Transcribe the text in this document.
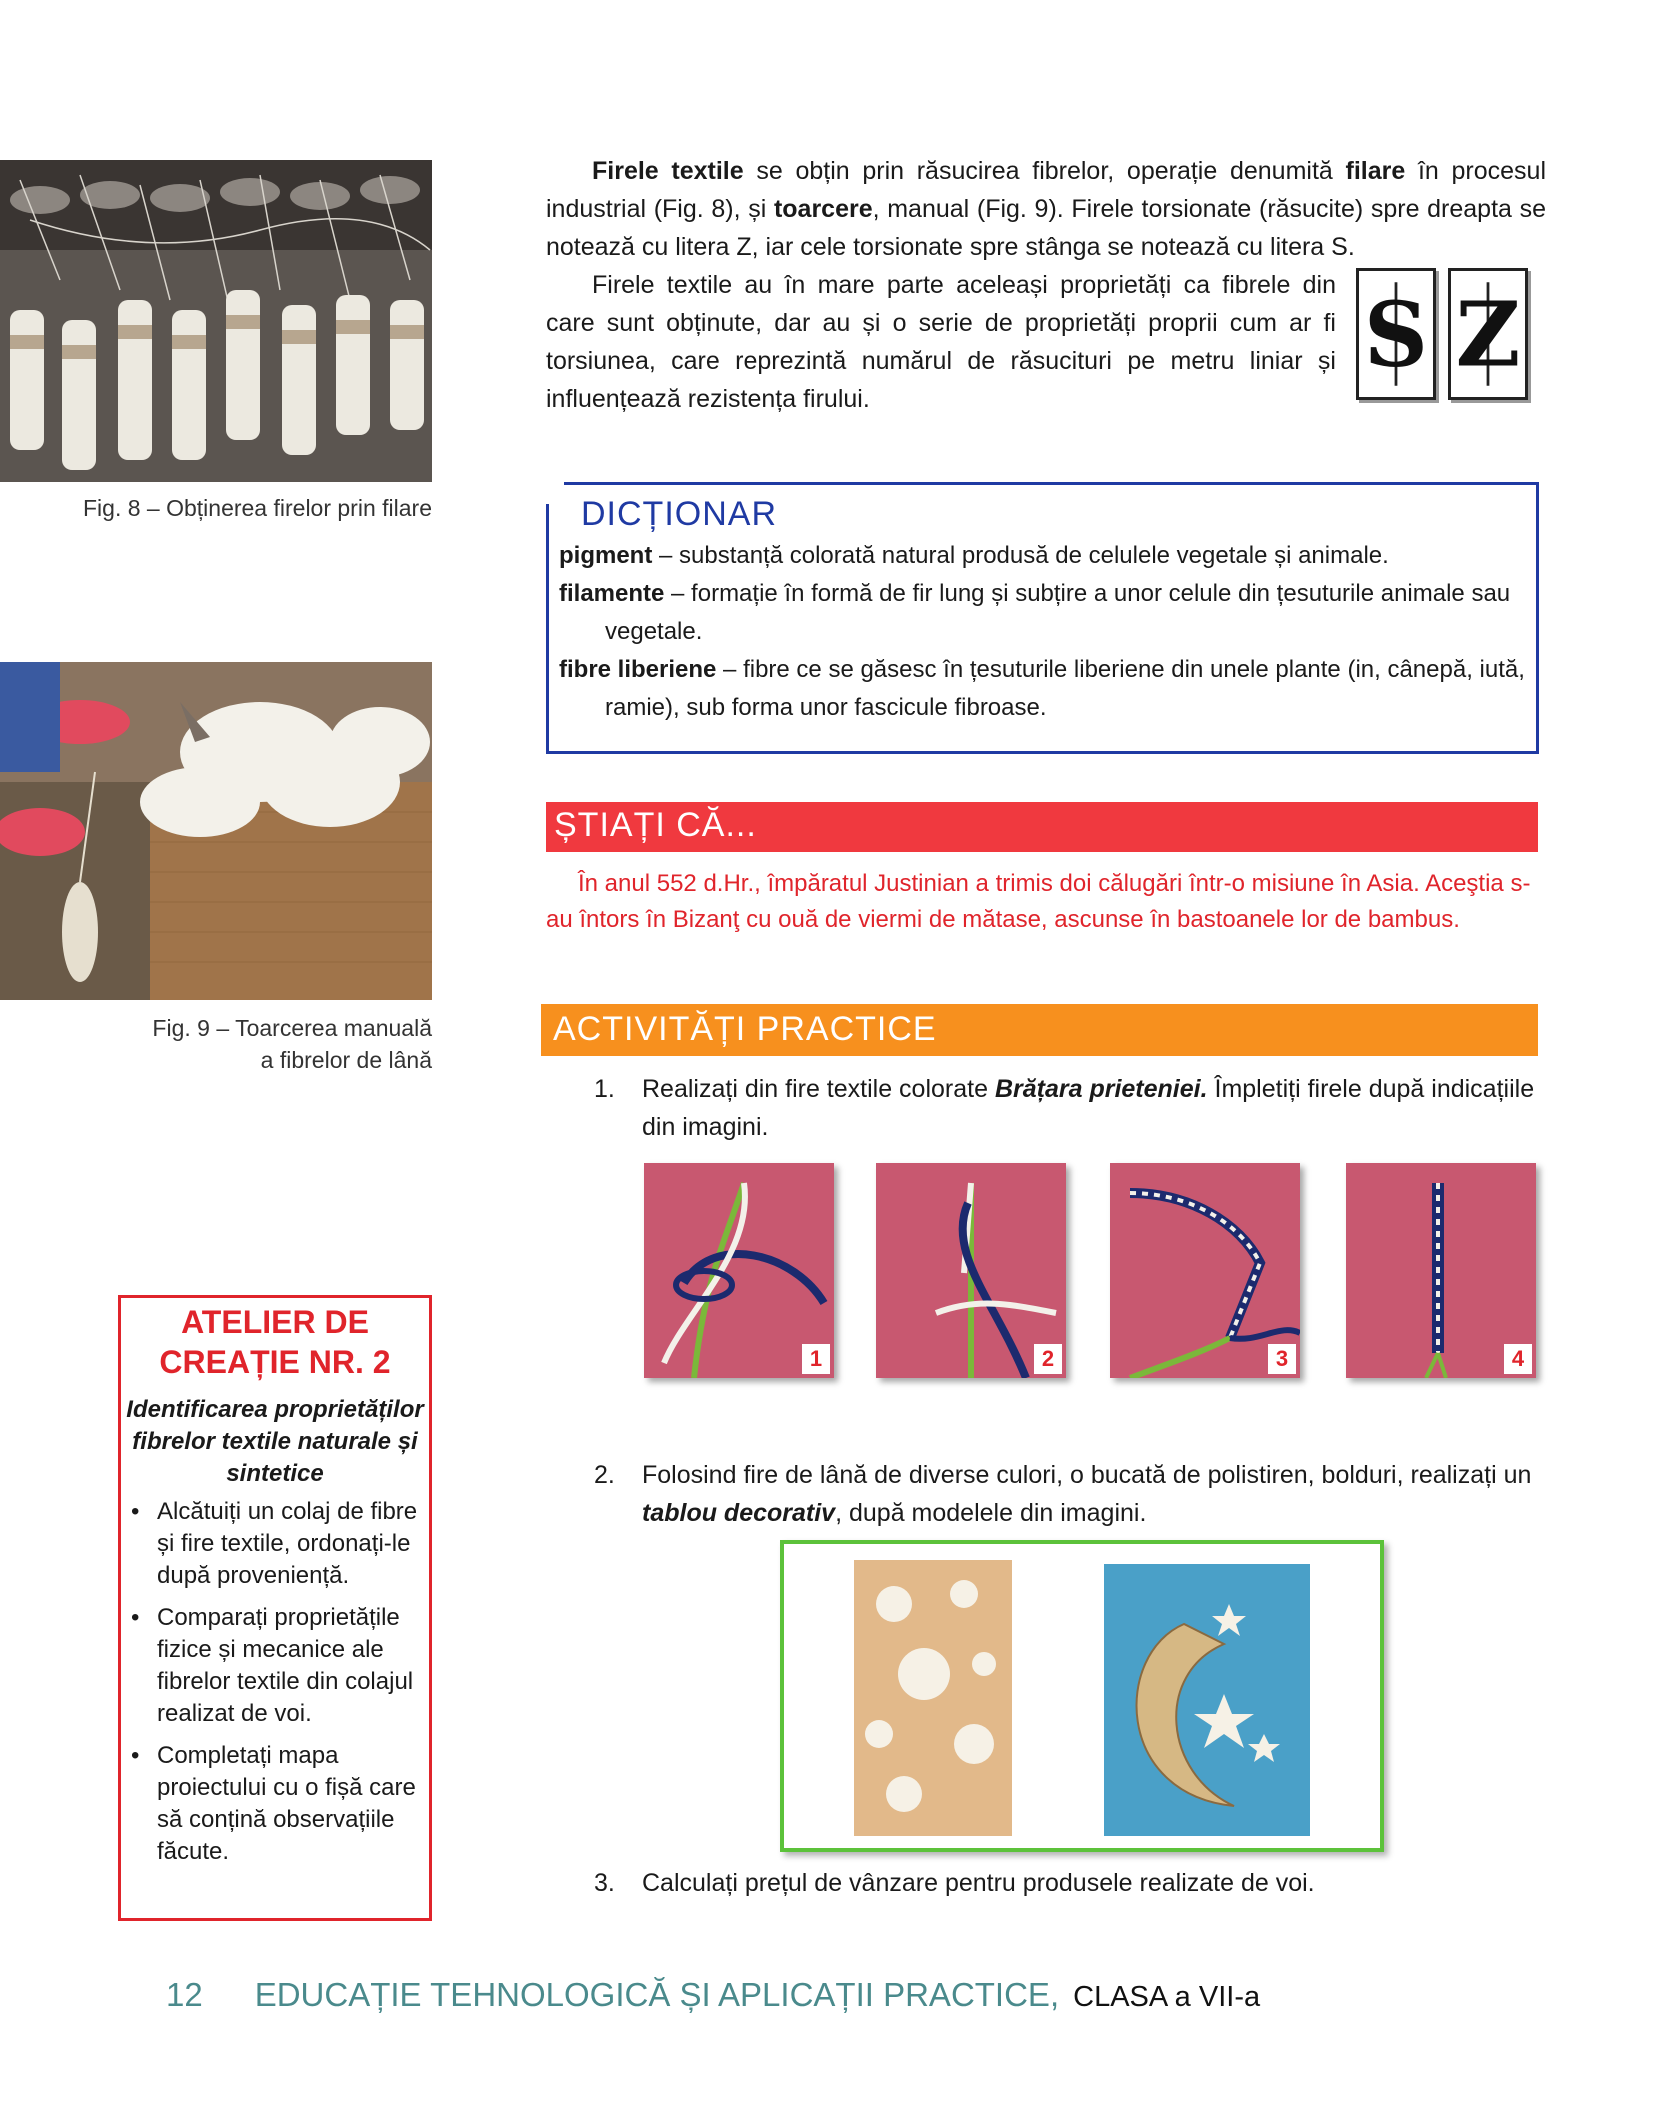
Fig. 8 – Obținerea firelor prin filare

Firele textile se obțin prin răsucirea fibrelor, operație denumită filare în procesul industrial (Fig. 8), și toarcere, manual (Fig. 9). Firele torsionate (răsucite) spre dreapta se notează cu litera Z, iar cele torsionate spre stânga se notează cu litera S.

Firele textile au în mare parte aceleași proprietăți ca fibrele din care sunt obținute, dar au și o serie de proprietăți proprii cum ar fi torsiunea, care reprezintă numărul de răsucituri pe metru liniar și influențează rezistența firului.

S Z
DICȚIONAR

pigment – substanță colorată natural produsă de celulele vegetale și animale.

filamente – formație în formă de fir lung și subțire a unor celule din țesuturile animale sau vegetale.

fibre liberiene – fibre ce se găsesc în țesuturile liberiene din unele plante (in, cânepă, iută, ramie), sub forma unor fascicule fibroase.

Fig. 9 – Toarcerea manuală
a fibrelor de lână
ȘTIAȚI CĂ...

În anul 552 d.Hr., împăratul Justinian a trimis doi călugări într-o misiune în Asia. Aceştia s-au întors în Bizanţ cu ouă de viermi de mătase, ascunse în bastoanele lor de bambus.

ACTIVITĂȚI PRACTICE
1. Realizați din fire textile colorate Brățara prieteniei. Împletiți firele după indicațiile din imagini.
1	2	3	4
2. Folosind fire de lână de diverse culori, o bucată de polistiren, bolduri, realizați un tablou decorativ, după modelele din imagini.
3. Calculați prețul de vânzare pentru produsele realizate de voi.
ATELIER DE
CREAȚIE NR. 2
Identificarea proprietăților fibrelor textile naturale și sintetice
• Alcătuiți un colaj de fibre și fire textile, ordonați-le după proveniență.
• Comparați proprietățile fizice și mecanice ale fibrelor textile din colajul realizat de voi.
• Completați mapa proiectului cu o fișă care să conțină observațiile făcute.
12 EDUCAȚIE TEHNOLOGICĂ ȘI APLICAȚII PRACTICE, CLASA a VII-a
